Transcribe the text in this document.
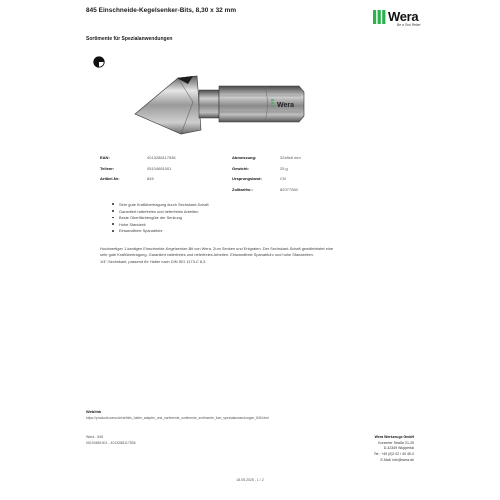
845 Einschneide-Kegelsenker-Bits, 8,30 x 32 mm
Sortimente für Spezialanwendungen
Wera
Be a Tool Rebel
Wera
EAN:	4013288117536
Teilenr:	05104681001
Artikel-Nr:	845
Abmessung:	32x8x8 mm
Gewicht:	25 g
Ursprungsland:	CN
Zolltarifnr.:	82077080
Sehr gute Kraftübertragung durch Sechskant-Schaft
Garantiert ratterfreies und rieferfreies Arbeiten
Beste Oberflächengüte der Senkung
Hohe Standzeit
Einwandfreie Spanabfuhr

Hochwertiger 1-kantigen Einschneide-Kegelsenker-Bit von Wera. Zum Senken und Entgraten. Der Sechskant-Schaft gewährleistet eine

sehr gute Kraftübertragung. Garantiert ratterfreies und rieferfreies Arbeiten. Einwandfreie Spanabfuhr und hohe Standzeiten.

1/4"-Sechskant, passend für Halter nach DIN ISO 1173-C 6,3.

Weblink
https://products.wera.de/de/bits_halter_adapter_und_sortimente_sortimente_sortimente_fuer_spezialanwendungen_845.html
Wera - 845
05104681001 - 4013288117536
Wera Werkzeuge GmbH
Korzerter Straße 21-25
D-42349 Wuppertal
Tel.: +49 (0)2 02 / 40 45-0
E-Mail: info@wera.de
18.05.2025 - 1 / 2
